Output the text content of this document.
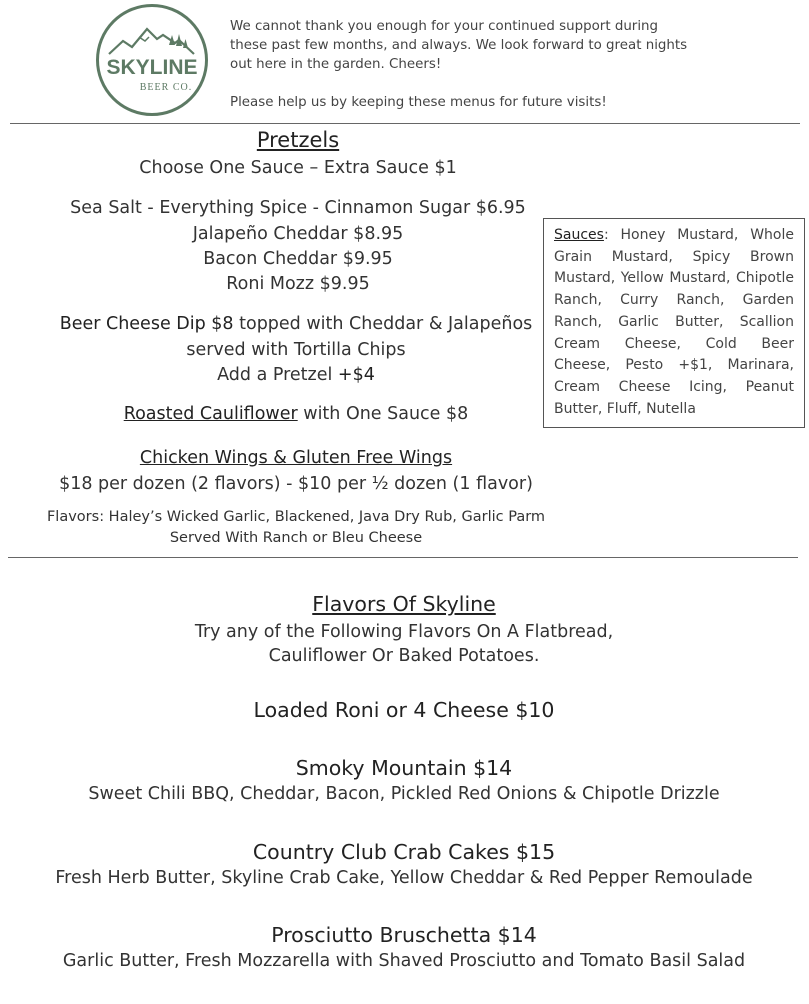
SKYLINE
BEER CO.

We cannot thank you enough for your continued support during

these past few months, and always. We look forward to great nights

out here in the garden. Cheers!

Please help us by keeping these menus for future visits!

Pretzels
Choose One Sauce – Extra Sauce $1
Sea Salt - Everything Spice - Cinnamon Sugar $6.95
Jalapeño Cheddar $8.95
Bacon Cheddar $9.95
Roni Mozz $9.95
Beer Cheese Dip $8 topped with Cheddar & Jalapeños
served with Tortilla Chips
Add a Pretzel +$4
Roasted Cauliflower with One Sauce $8
Chicken Wings & Gluten Free Wings
$18 per dozen (2 flavors) - $10 per ½ dozen (1 flavor)
Flavors: Haley’s Wicked Garlic, Blackened, Java Dry Rub, Garlic Parm
Served With Ranch or Bleu Cheese
Sauces: Honey Mustard, Whole Grain Mustard, Spicy Brown Mustard, Yellow Mustard, Chipotle Ranch, Curry Ranch, Garden Ranch, Garlic Butter, Scallion Cream Cheese, Cold Beer Cheese, Pesto +$1, Marinara, Cream Cheese Icing, Peanut Butter, Fluff, Nutella
Flavors Of Skyline
Try any of the Following Flavors On A Flatbread,
Cauliflower Or Baked Potatoes.
Loaded Roni or 4 Cheese $10
Smoky Mountain $14
Sweet Chili BBQ, Cheddar, Bacon, Pickled Red Onions & Chipotle Drizzle
Country Club Crab Cakes $15
Fresh Herb Butter, Skyline Crab Cake, Yellow Cheddar & Red Pepper Remoulade
Prosciutto Bruschetta $14
Garlic Butter, Fresh Mozzarella with Shaved Prosciutto and Tomato Basil Salad
